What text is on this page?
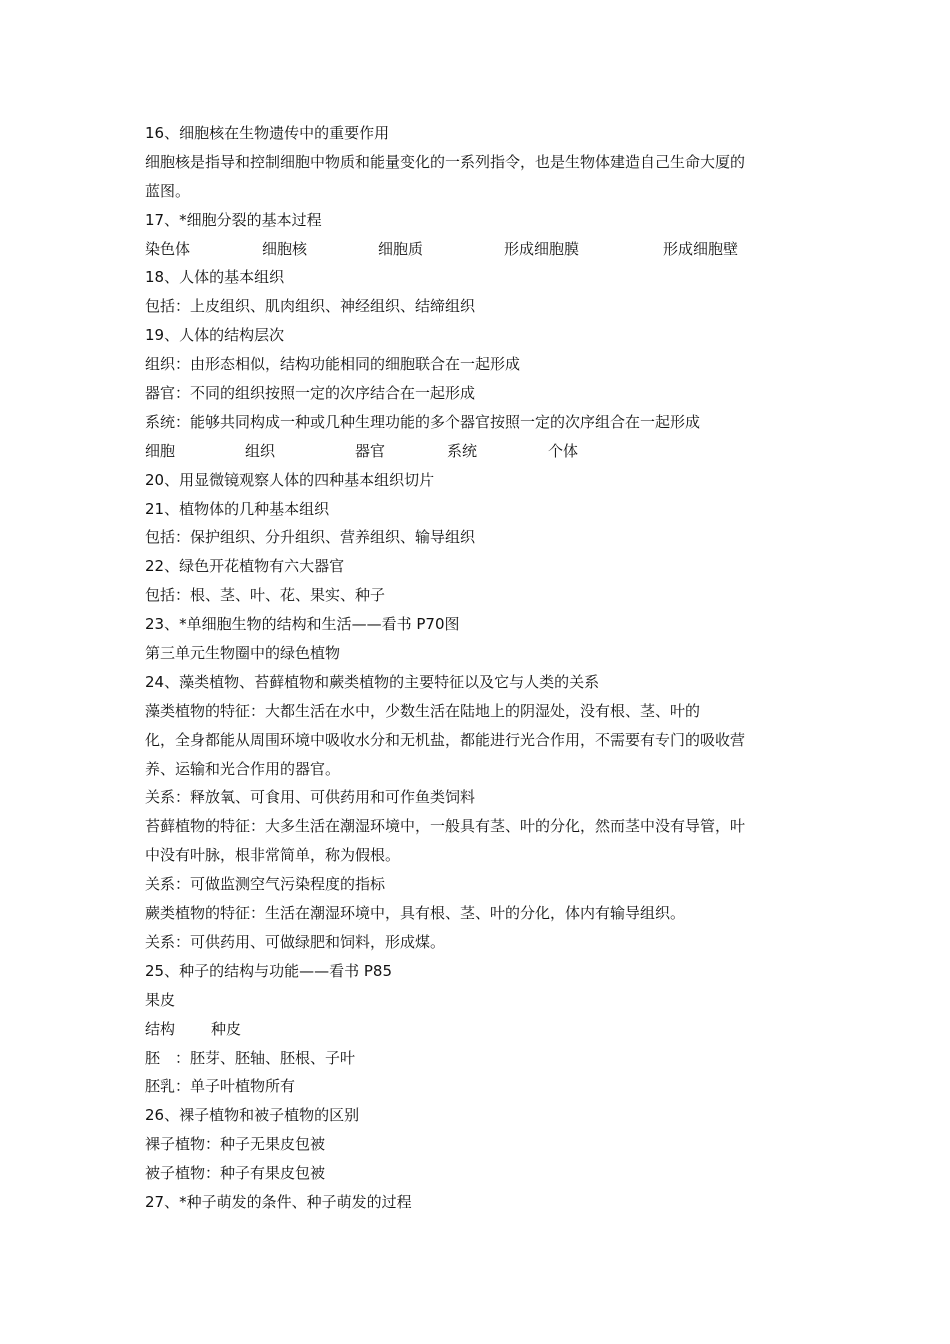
16、细胞核在生物遗传中的重要作用
细胞核是指导和控制细胞中物质和能量变化的一系列指令，也是生物体建造自己生命大厦的
蓝图。
17、*细胞分裂的基本过程
染色体	细胞核	细胞质	形成细胞膜	形成细胞壁
18、人体的基本组织
包括：上皮组织、肌肉组织、神经组织、结缔组织
19、人体的结构层次
组织：由形态相似，结构功能相同的细胞联合在一起形成
器官：不同的组织按照一定的次序结合在一起形成
系统：能够共同构成一种或几种生理功能的多个器官按照一定的次序组合在一起形成
细胞	组织	器官	系统	个体
20、用显微镜观察人体的四种基本组织切片
21、植物体的几种基本组织
包括：保护组织、分升组织、营养组织、输导组织
22、绿色开花植物有六大器官
包括：根、茎、叶、花、果实、种子
23、*单细胞生物的结构和生活——看书 P70图
第三单元生物圈中的绿色植物
24、藻类植物、苔藓植物和蕨类植物的主要特征以及它与人类的关系
藻类植物的特征：大都生活在水中，少数生活在陆地上的阴湿处，没有根、茎、叶的
化，全身都能从周围环境中吸收水分和无机盐，都能进行光合作用，不需要有专门的吸收营
养、运输和光合作用的器官。
关系：释放氧、可食用、可供药用和可作鱼类饲料
苔藓植物的特征：大多生活在潮湿环境中，一般具有茎、叶的分化，然而茎中没有导管，叶
中没有叶脉，根非常简单，称为假根。
关系：可做监测空气污染程度的指标
蕨类植物的特征：生活在潮湿环境中，具有根、茎、叶的分化，体内有输导组织。
关系：可供药用、可做绿肥和饲料，形成煤。
25、种子的结构与功能——看书 P85
果皮
结构 种皮
胚　：胚芽、胚轴、胚根、子叶
胚乳：单子叶植物所有
26、裸子植物和被子植物的区别
裸子植物：种子无果皮包被
被子植物：种子有果皮包被
27、*种子萌发的条件、种子萌发的过程
